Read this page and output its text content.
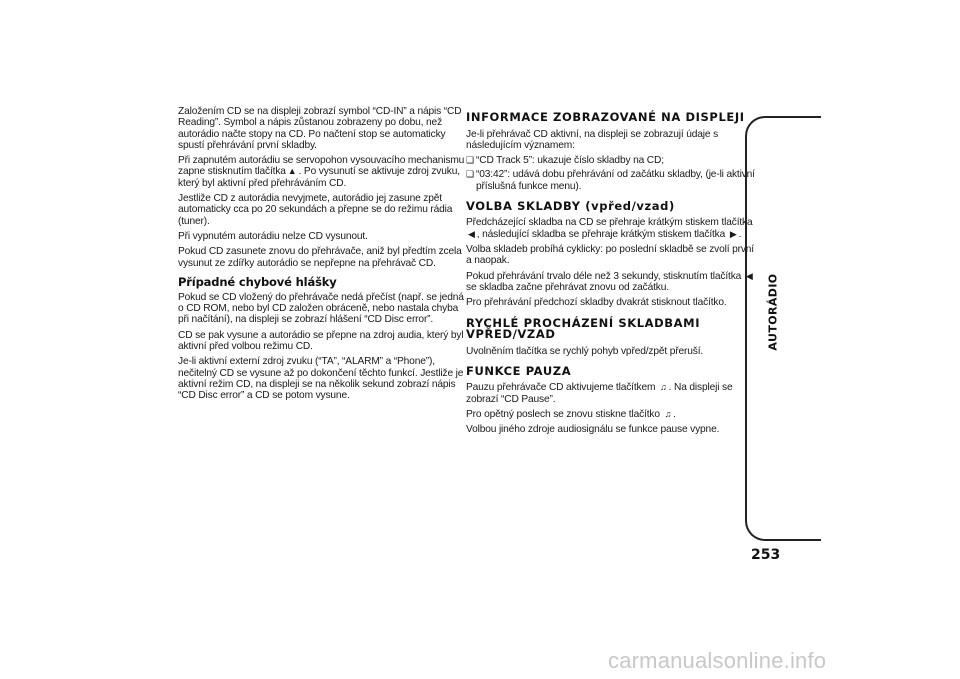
Založením CD se na displeji zobrazí symbol “CD-IN” a nápis “CD Reading”. Symbol a nápis zůstanou zobrazeny po dobu, než autorádio načte stopy na CD. Po načtení stop se automaticky spustí přehrávání první skladby.

Při zapnutém autorádiu se servopohon vysouvacího mechanismu zapne stisknutím tlačítka ▲ . Po vysunutí se aktivuje zdroj zvuku, který byl aktivní před přehráváním CD.

Jestliže CD z autorádia nevyjmete, autorádio jej zasune zpět automaticky cca po 20 sekundách a přepne se do režimu rádia (tuner).

Při vypnutém autorádiu nelze CD vysunout.

Pokud CD zasunete znovu do přehrávače, aniž byl předtím zcela vysunut ze zdířky autorádio se nepřepne na přehrávač CD.

Případné chybové hlášky

Pokud se CD vložený do přehrávače nedá přečíst (např. se jedná o CD ROM, nebo byl CD založen obráceně, nebo nastala chyba při načítání), na displeji se zobrazí hlášení “CD Disc error”.

CD se pak vysune a autorádio se přepne na zdroj audia, který byl aktivní před volbou režimu CD.

Je-li aktivní externí zdroj zvuku (“TA”, “ALARM” a “Phone”), nečitelný CD se vysune až po dokončení těchto funkcí. Jestliže je aktivní režim CD, na displeji se na několik sekund zobrazí nápis “CD Disc error” a CD se potom vysune.

INFORMACE ZOBRAZOVANÉ NA DISPLEJI

Je-li přehrávač CD aktivní, na displeji se zobrazují údaje s následujícím významem:

❑ “CD Track 5”: ukazuje číslo skladby na CD;
❑ “03:42”: udává dobu přehrávání od začátku skladby, (je-li aktivní příslušná funkce menu).
VOLBA SKLADBY (vpřed/vzad)

Předcházející skladba na CD se přehraje krátkým stiskem tlačítka ◀ , následující skladba se přehraje krátkým stiskem tlačítka ▶ .

Volba skladeb probíhá cyklicky: po poslední skladbě se zvolí první a naopak.

Pokud přehrávání trvalo déle než 3 sekundy, stisknutím tlačítka ◀se skladba začne přehrávat znovu od začátku.

Pro přehrávání předchozí skladby dvakrát stisknout tlačítko.

RYCHLÉ PROCHÁZENÍ SKLADBAMI VPŘED/VZAD

Uvolněním tlačítka se rychlý pohyb vpřed/zpět přeruší.

FUNKCE PAUZA

Pauzu přehrávače CD aktivujeme tlačítkem ♫ . Na displeji se zobrazí “CD Pause”.

Pro opětný poslech se znovu stiskne tlačítko ♫ .

Volbou jiného zdroje audiosignálu se funkce pause vypne.

AUTORÁDIO
253
carmanualsonline.info
